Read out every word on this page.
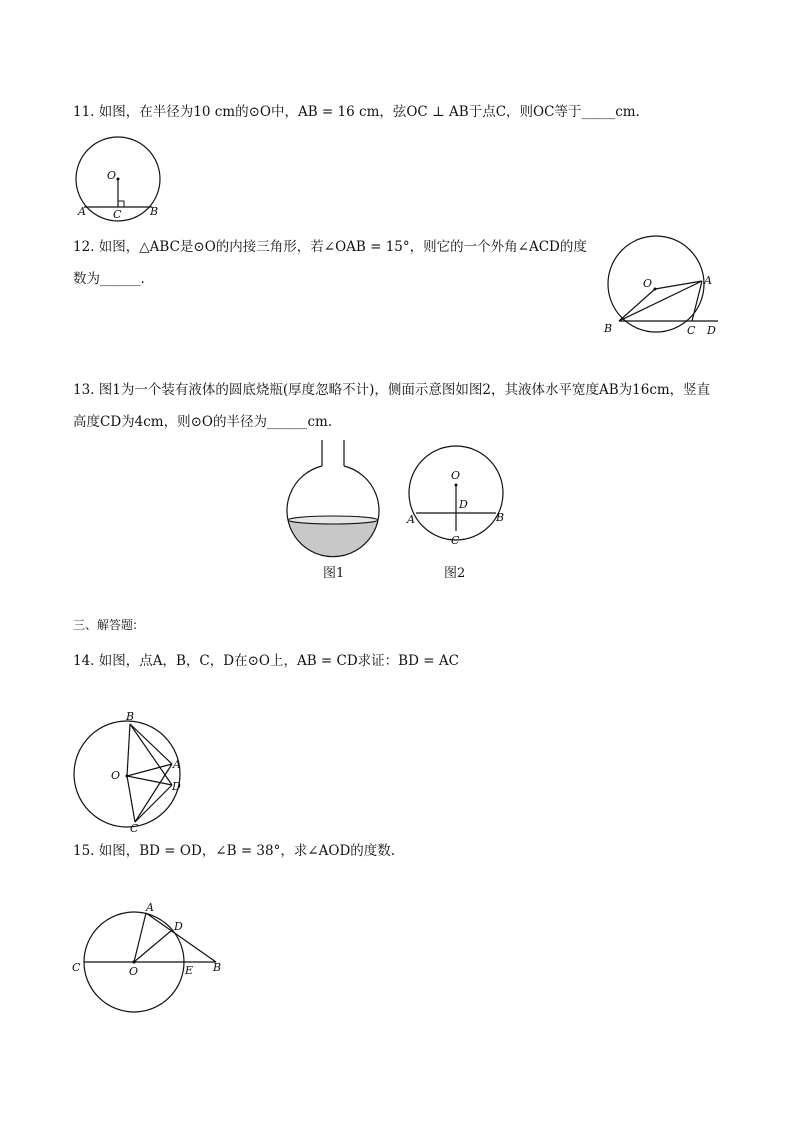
11. 如图，在半径为10 cm的⊙O中，AB = 16 cm，弦OC ⊥ AB于点C，则OC等于_____cm.
O
A C	B
12. 如图，△ABC是⊙O的内接三角形，若∠OAB = 15°，则它的一个外角∠ACD的度
数为______.	O	A
B	C D
13. 图1为一个装有液体的圆底烧瓶(厚度忽略不计)，侧面示意图如图2，其液体水平宽度AB为16cm，竖直
高度CD为4cm，则⊙O的半径为______cm.
图1
O
D
A	B
C
图2
三、解答题:
14. 如图，点A，B，C，D在⊙O上，AB = CD求证：BD = AC
O
B
A
D
C
15. 如图，BD = OD，∠B = 38°，求∠AOD的度数.
A
D
C	O	E B
